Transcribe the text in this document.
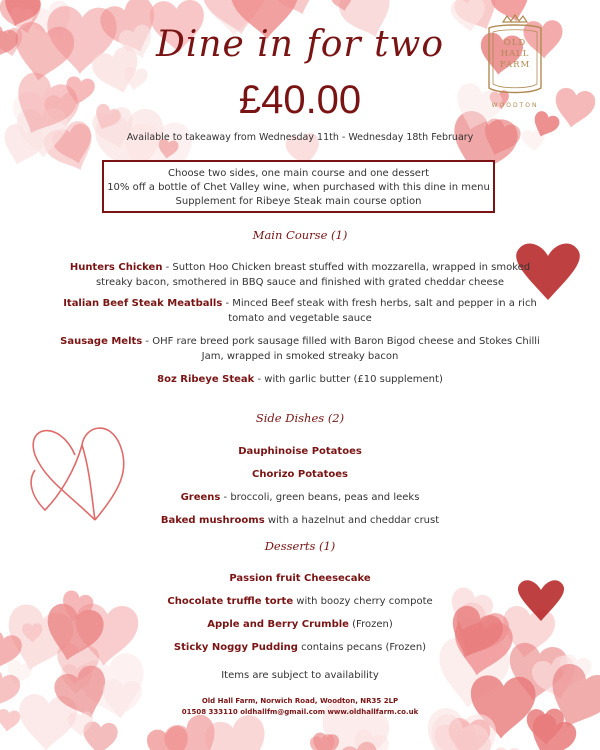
Dine in for two
£40.00
OLD
HALL
FARM
WOODTON
Available to takeaway from Wednesday 11th - Wednesday 18th February
Choose two sides, one main course and one dessert
10% off a bottle of Chet Valley wine, when purchased with this dine in menu
Supplement for Ribeye Steak main course option
Main Course (1)
Hunters Chicken - Sutton Hoo Chicken breast stuffed with mozzarella, wrapped in smoked streaky bacon, smothered in BBQ sauce and finished with grated cheddar cheese
Italian Beef Steak Meatballs - Minced Beef steak with fresh herbs, salt and pepper in a rich tomato and vegetable sauce
Sausage Melts - OHF rare breed pork sausage filled with Baron Bigod cheese and Stokes Chilli Jam, wrapped in smoked streaky bacon
8oz Ribeye Steak - with garlic butter (£10 supplement)
Side Dishes (2)
Dauphinoise Potatoes
Chorizo Potatoes
Greens - broccoli, green beans, peas and leeks
Baked mushrooms with a hazelnut and cheddar crust
Desserts (1)
Passion fruit Cheesecake
Chocolate truffle torte with boozy cherry compote
Apple and Berry Crumble (Frozen)
Sticky Noggy Pudding contains pecans (Frozen)
Items are subject to availability
Old Hall Farm, Norwich Road, Woodton, NR35 2LP
01508 333110 oldhallfm@gmail.com www.oldhallfarm.co.uk
